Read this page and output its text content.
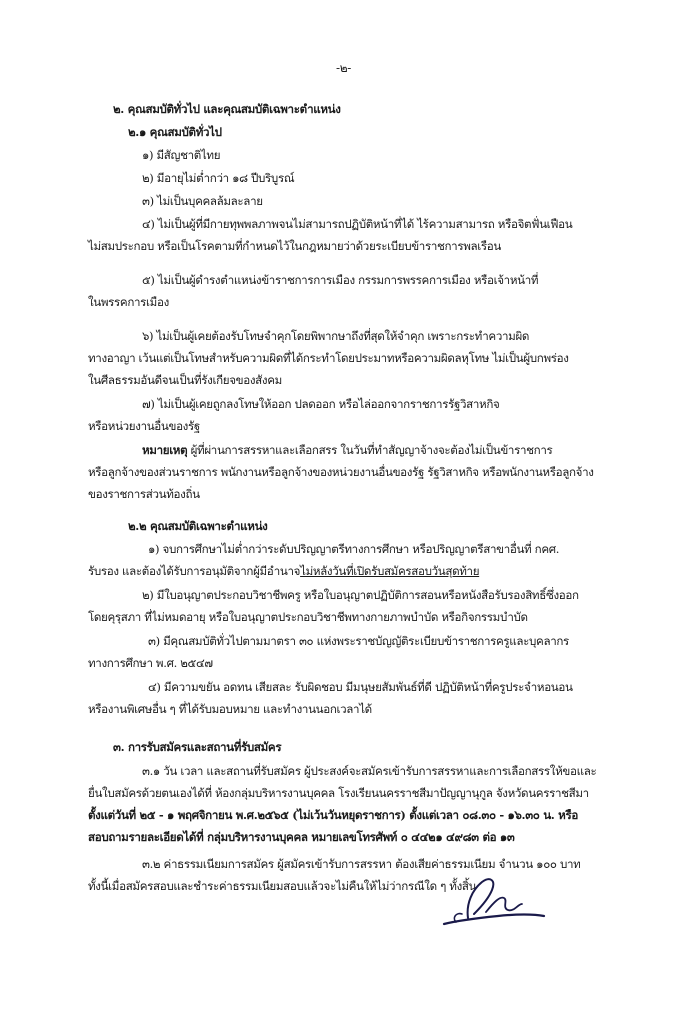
-๒-
๒. คุณสมบัติทั่วไป และคุณสมบัติเฉพาะตำแหน่ง
๒.๑ คุณสมบัติทั่วไป
๑) มีสัญชาติไทย
๒) มีอายุไม่ต่ำกว่า ๑๘ ปีบริบูรณ์
๓) ไม่เป็นบุคคลล้มละลาย
๔) ไม่เป็นผู้ที่มีกายทุพพลภาพจนไม่สามารถปฏิบัติหน้าที่ได้ ไร้ความสามารถ หรือจิตฟั่นเฟือน
ไม่สมประกอบ หรือเป็นโรคตามที่กำหนดไว้ในกฎหมายว่าด้วยระเบียบข้าราชการพลเรือน
๕) ไม่เป็นผู้ดำรงตำแหน่งข้าราชการการเมือง กรรมการพรรคการเมือง หรือเจ้าหน้าที่
ในพรรคการเมือง
๖) ไม่เป็นผู้เคยต้องรับโทษจำคุกโดยพิพากษาถึงที่สุดให้จำคุก เพราะกระทำความผิด
ทางอาญา เว้นแต่เป็นโทษสำหรับความผิดที่ได้กระทำโดยประมาทหรือความผิดลหุโทษ ไม่เป็นผู้บกพร่อง
ในศีลธรรมอันดีจนเป็นที่รังเกียจของสังคม
๗) ไม่เป็นผู้เคยถูกลงโทษให้ออก ปลดออก หรือไล่ออกจากราชการรัฐวิสาหกิจ
หรือหน่วยงานอื่นของรัฐ
หมายเหตุ ผู้ที่ผ่านการสรรหาและเลือกสรร ในวันที่ทำสัญญาจ้างจะต้องไม่เป็นข้าราชการ
หรือลูกจ้างของส่วนราชการ พนักงานหรือลูกจ้างของหน่วยงานอื่นของรัฐ รัฐวิสาหกิจ หรือพนักงานหรือลูกจ้าง
ของราชการส่วนท้องถิ่น
๒.๒ คุณสมบัติเฉพาะตำแหน่ง
๑) จบการศึกษาไม่ต่ำกว่าระดับปริญญาตรีทางการศึกษา หรือปริญญาตรีสาขาอื่นที่ กคศ.
รับรอง และต้องได้รับการอนุมัติจากผู้มีอำนาจไม่หลังวันที่เปิดรับสมัครสอบวันสุดท้าย
๒) มีใบอนุญาตประกอบวิชาชีพครู หรือใบอนุญาตปฏิบัติการสอนหรือหนังสือรับรองสิทธิ์ซึ่งออก
โดยคุรุสภา ที่ไม่หมดอายุ หรือใบอนุญาตประกอบวิชาชีพทางกายภาพบำบัด หรือกิจกรรมบำบัด
๓) มีคุณสมบัติทั่วไปตามมาตรา ๓๐ แห่งพระราชบัญญัติระเบียบข้าราชการครูและบุคลากร
ทางการศึกษา พ.ศ. ๒๕๔๗
๔) มีความขยัน อดทน เสียสละ รับผิดชอบ มีมนุษยสัมพันธ์ที่ดี ปฏิบัติหน้าที่ครูประจำหอนอน
หรืองานพิเศษอื่น ๆ ที่ได้รับมอบหมาย และทำงานนอกเวลาได้
๓. การรับสมัครและสถานที่รับสมัคร
๓.๑ วัน เวลา และสถานที่รับสมัคร ผู้ประสงค์จะสมัครเข้ารับการสรรหาและการเลือกสรรให้ขอและ
ยื่นใบสมัครด้วยตนเองได้ที่ ห้องกลุ่มบริหารงานบุคคล โรงเรียนนครราชสีมาปัญญานุกูล จังหวัดนครราชสีมา
ตั้งแต่วันที่ ๒๕ - ๑ พฤศจิกายน พ.ศ.๒๕๖๕ (ไม่เว้นวันหยุดราชการ) ตั้งแต่เวลา ๐๘.๓๐ - ๑๖.๓๐ น. หรือ
สอบถามรายละเอียดได้ที่ กลุ่มบริหารงานบุคคล หมายเลขโทรศัพท์ ๐ ๔๔๒๑ ๔๙๘๓ ต่อ ๑๓
๓.๒ ค่าธรรมเนียมการสมัคร ผู้สมัครเข้ารับการสรรหา ต้องเสียค่าธรรมเนียม จำนวน ๑๐๐ บาท
ทั้งนี้เมื่อสมัครสอบและชำระค่าธรรมเนียมสอบแล้วจะไม่คืนให้ไม่ว่ากรณีใด ๆ ทั้งสิ้น
